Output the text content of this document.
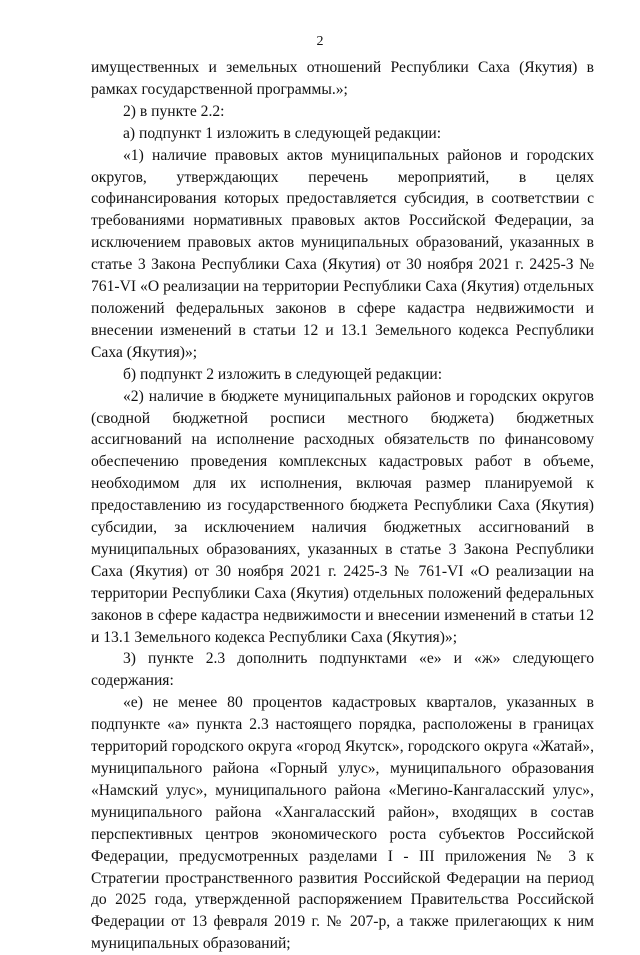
2

имущественных и земельных отношений Республики Саха (Якутия) в рамках государственной программы.»;

2) в пункте 2.2:

а) подпункт 1 изложить в следующей редакции:

«1) наличие правовых актов муниципальных районов и городских округов, утверждающих перечень мероприятий, в целях софинансирования которых предоставляется субсидия, в соответствии с требованиями нормативных правовых актов Российской Федерации, за исключением правовых актов муниципальных образований, указанных в статье 3 Закона Республики Саха (Якутия) от 30 ноября 2021 г. 2425-З № 761-VI «О реализации на территории Республики Саха (Якутия) отдельных положений федеральных законов в сфере кадастра недвижимости и внесении изменений в статьи 12 и 13.1 Земельного кодекса Республики Саха (Якутия)»;

б) подпункт 2 изложить в следующей редакции:

«2) наличие в бюджете муниципальных районов и городских округов (сводной бюджетной росписи местного бюджета) бюджетных ассигнований на исполнение расходных обязательств по финансовому обеспечению проведения комплексных кадастровых работ в объеме, необходимом для их исполнения, включая размер планируемой к предоставлению из государственного бюджета Республики Саха (Якутия) субсидии, за исключением наличия бюджетных ассигнований в муниципальных образованиях, указанных в статье 3 Закона Республики Саха (Якутия) от 30 ноября 2021 г. 2425-З № 761-VI «О реализации на территории Республики Саха (Якутия) отдельных положений федеральных законов в сфере кадастра недвижимости и внесении изменений в статьи 12 и 13.1 Земельного кодекса Республики Саха (Якутия)»;

3) пункте 2.3 дополнить подпунктами «е» и «ж» следующего содержания:

«е) не менее 80 процентов кадастровых кварталов, указанных в подпункте «а» пункта 2.3 настоящего порядка, расположены в границах территорий городского округа «город Якутск», городского округа «Жатай», муниципального района «Горный улус», муниципального образования «Намский улус», муниципального района «Мегино-Кангаласский улус», муниципального района «Хангаласский район», входящих в состав перспективных центров экономического роста субъектов Российской Федерации, предусмотренных разделами I - III приложения № 3 к Стратегии пространственного развития Российской Федерации на период до 2025 года, утвержденной распоряжением Правительства Российской Федерации от 13 февраля 2019 г. № 207-р, а также прилегающих к ним муниципальных образований;
